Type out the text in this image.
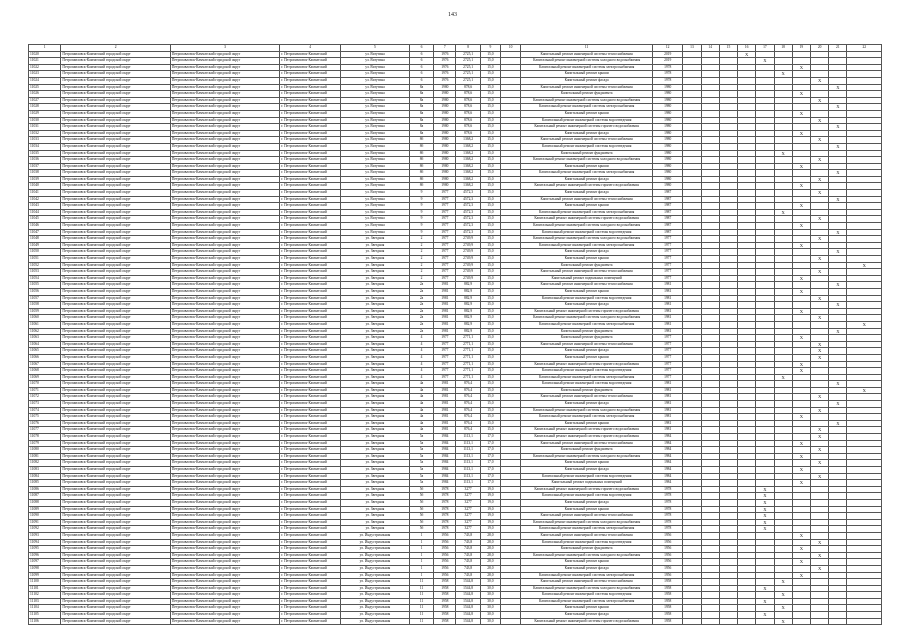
143
1	2	3	4	5	6	7	8	9	10	11	12	13	14	15	16	17	18	19	20	21	22
11020	Петропавловск-Камчатский городской округ	Петропавловск-Камчатский городской округ	г. Петропавловск-Камчатский	ул. Ватутина	6	1976	2725,1	15,0		Капитальный ремонт инженерной системы теплоснабжения	2019				X						
11021	Петропавловск-Камчатский городской округ	Петропавловск-Камчатский городской округ	г. Петропавловск-Камчатский	ул. Ватутина	6	1976	2725,1	15,0		Капитальный ремонт инженерной системы холодного водоснабжения	2019					X					
11022	Петропавловск-Камчатский городской округ	Петропавловск-Камчатский городской округ	г. Петропавловск-Камчатский	ул. Ватутина	6	1976	2725,1	15,0		Капитальный ремонт инженерной системы электроснабжения	1978							X			
11023	Петропавловск-Камчатский городской округ	Петропавловск-Камчатский городской округ	г. Петропавловск-Камчатский	ул. Ватутина	6	1976	2725,1	15,0		Капитальный ремонт крыши	1978						X				
11024	Петропавловск-Камчатский городской округ	Петропавловск-Камчатский городской округ	г. Петропавловск-Камчатский	ул. Ватутина	6	1976	2725,1	15,0		Капитальный ремонт фасада	1978								X		
11025	Петропавловск-Камчатский городской округ	Петропавловск-Камчатский городской округ	г. Петропавловск-Камчатский	ул. Ватутина	8а	1980	878,6	15,0		Капитальный ремонт инженерной системы теплоснабжения	1980									X	
11026	Петропавловск-Камчатский городской округ	Петропавловск-Камчатский городской округ	г. Петропавловск-Камчатский	ул. Ватутина	8а	1980	878,6	15,0		Капитальный ремонт фундамента	1980							X			
11027	Петропавловск-Камчатский городской округ	Петропавловск-Камчатский городской округ	г. Петропавловск-Камчатский	ул. Ватутина	8а	1980	878,6	15,0		Капитальный ремонт инженерной системы холодного водоснабжения	1980								X		
11028	Петропавловск-Камчатский городской округ	Петропавловск-Камчатский городской округ	г. Петропавловск-Камчатский	ул. Ватутина	8а	1980	878,6	15,0		Капитальный ремонт инженерной системы электроснабжения	1980									X	
11029	Петропавловск-Камчатский городской округ	Петропавловск-Камчатский городской округ	г. Петропавловск-Камчатский	ул. Ватутина	8а	1980	878,6	15,0		Капитальный ремонт крыши	1980							X			
11030	Петропавловск-Камчатский городской округ	Петропавловск-Камчатский городской округ	г. Петропавловск-Камчатский	ул. Ватутина	8а	1980	878,6	15,0		Капитальный ремонт инженерной системы водоотведения	1980								X		
11031	Петропавловск-Камчатский городской округ	Петропавловск-Камчатский городской округ	г. Петропавловск-Камчатский	ул. Ватутина	8а	1980	878,6	15,0		Капитальный ремонт инженерной системы горячего водоснабжения	1980									X	
11032	Петропавловск-Камчатский городской округ	Петропавловск-Камчатский городской округ	г. Петропавловск-Камчатский	ул. Ватутина	8а	1980	878,6	15,0		Капитальный ремонт фасада	1980							X			
11033	Петропавловск-Камчатский городской округ	Петропавловск-Камчатский городской округ	г. Петропавловск-Камчатский	ул. Ватутина	8б	1980	1368,2	15,0		Капитальный ремонт инженерной системы теплоснабжения	1980								X		
11034	Петропавловск-Камчатский городской округ	Петропавловск-Камчатский городской округ	г. Петропавловск-Камчатский	ул. Ватутина	8б	1980	1368,2	15,0		Капитальный ремонт инженерной системы водоотведения	1980									X	
11035	Петропавловск-Камчатский городской округ	Петропавловск-Камчатский городской округ	г. Петропавловск-Камчатский	ул. Ватутина	8б	1980	1368,2	15,0		Капитальный ремонт фундамента	1980						X				
11036	Петропавловск-Камчатский городской округ	Петропавловск-Камчатский городской округ	г. Петропавловск-Камчатский	ул. Ватутина	8б	1980	1368,2	15,0		Капитальный ремонт инженерной системы холодного водоснабжения	1980								X		
11037	Петропавловск-Камчатский городской округ	Петропавловск-Камчатский городской округ	г. Петропавловск-Камчатский	ул. Ватутина	8б	1980	1368,2	15,0		Капитальный ремонт крыши	1980							X			
11038	Петропавловск-Камчатский городской округ	Петропавловск-Камчатский городской округ	г. Петропавловск-Камчатский	ул. Ватутина	8б	1980	1368,2	15,0		Капитальный ремонт инженерной системы электроснабжения	1980									X	
11039	Петропавловск-Камчатский городской округ	Петропавловск-Камчатский городской округ	г. Петропавловск-Камчатский	ул. Ватутина	8б	1980	1368,2	15,0		Капитальный ремонт фасада	1980								X		
11040	Петропавловск-Камчатский городской округ	Петропавловск-Камчатский городской округ	г. Петропавловск-Камчатский	ул. Ватутина	8б	1980	1368,2	15,0		Капитальный ремонт инженерной системы горячего водоснабжения	1980							X			
11041	Петропавловск-Камчатский городской округ	Петропавловск-Камчатский городской округ	г. Петропавловск-Камчатский	ул. Ватутина	9	1977	4572,3	15,0		Капитальный ремонт фасада	1987								X		
11042	Петропавловск-Камчатский городской округ	Петропавловск-Камчатский городской округ	г. Петропавловск-Камчатский	ул. Ватутина	9	1977	4572,3	15,0		Капитальный ремонт инженерной системы теплоснабжения	1987									X	
11043	Петропавловск-Камчатский городской округ	Петропавловск-Камчатский городской округ	г. Петропавловск-Камчатский	ул. Ватутина	9	1977	4572,3	15,0		Капитальный ремонт крыши	1987							X			
11044	Петропавловск-Камчатский городской округ	Петропавловск-Камчатский городской округ	г. Петропавловск-Камчатский	ул. Ватутина	9	1977	4572,3	15,0		Капитальный ремонт инженерной системы электроснабжения	1987						X				
11045	Петропавловск-Камчатский городской округ	Петропавловск-Камчатский городской округ	г. Петропавловск-Камчатский	ул. Ватутина	9	1977	4572,3	15,0		Капитальный ремонт инженерной системы горячего водоснабжения	1987								X		
11046	Петропавловск-Камчатский городской округ	Петропавловск-Камчатский городской округ	г. Петропавловск-Камчатский	ул. Ватутина	9	1977	4572,3	15,0		Капитальный ремонт инженерной системы холодного водоснабжения	1987							X			
11047	Петропавловск-Камчатский городской округ	Петропавловск-Камчатский городской округ	г. Петропавловск-Камчатский	ул. Ватутина	9	1977	4572,3	15,0		Капитальный ремонт инженерной системы водоотведения	1987									X	
11048	Петропавловск-Камчатский городской округ	Петропавловск-Камчатский городской округ	г. Петропавловск-Камчатский	ул. Звездная	2	1977	2749,9	15,0		Капитальный ремонт инженерной системы холодного водоснабжения	1977								X		
11049	Петропавловск-Камчатский городской округ	Петропавловск-Камчатский городской округ	г. Петропавловск-Камчатский	ул. Звездная	2	1977	2749,9	15,0		Капитальный ремонт инженерной системы электроснабжения	1977							X			
11050	Петропавловск-Камчатский городской округ	Петропавловск-Камчатский городской округ	г. Петропавловск-Камчатский	ул. Звездная	2	1977	2749,9	15,0		Капитальный ремонт фасада	1977									X	
11051	Петропавловск-Камчатский городской округ	Петропавловск-Камчатский городской округ	г. Петропавловск-Камчатский	ул. Звездная	2	1977	2749,9	15,0		Капитальный ремонт крыши	1977								X		
11052	Петропавловск-Камчатский городской округ	Петропавловск-Камчатский городской округ	г. Петропавловск-Камчатский	ул. Звездная	2	1977	2749,9	15,0		Капитальный ремонт фундамента	1977										X
11053	Петропавловск-Камчатский городской округ	Петропавловск-Камчатский городской округ	г. Петропавловск-Камчатский	ул. Звездная	2	1977	2749,9	15,0		Капитальный ремонт инженерной системы теплоснабжения	1977								X		
11054	Петропавловск-Камчатский городской округ	Петропавловск-Камчатский городской округ	г. Петропавловск-Камчатский	ул. Звездная	2	1977	2749,9	15,0		Капитальный ремонт подвальных помещений	1977							X			
11055	Петропавловск-Камчатский городской округ	Петропавловск-Камчатский городской округ	г. Петропавловск-Камчатский	ул. Звездная	2а	1981	882,9	15,0		Капитальный ремонт инженерной системы теплоснабжения	1981									X	
11056	Петропавловск-Камчатский городской округ	Петропавловск-Камчатский городской округ	г. Петропавловск-Камчатский	ул. Звездная	2а	1981	882,9	15,0		Капитальный ремонт крыши	1981							X			
11057	Петропавловск-Камчатский городской округ	Петропавловск-Камчатский городской округ	г. Петропавловск-Камчатский	ул. Звездная	2а	1981	882,9	15,0		Капитальный ремонт инженерной системы водоотведения	1981								X		
11058	Петропавловск-Камчатский городской округ	Петропавловск-Камчатский городской округ	г. Петропавловск-Камчатский	ул. Звездная	2а	1981	882,9	15,0		Капитальный ремонт фасада	1981									X	
11059	Петропавловск-Камчатский городской округ	Петропавловск-Камчатский городской округ	г. Петропавловск-Камчатский	ул. Звездная	2а	1981	882,9	15,0		Капитальный ремонт инженерной системы горячего водоснабжения	1981							X			
11060	Петропавловск-Камчатский городской округ	Петропавловск-Камчатский городской округ	г. Петропавловск-Камчатский	ул. Звездная	2а	1981	882,9	15,0		Капитальный ремонт инженерной системы холодного водоснабжения	1981								X		
11061	Петропавловск-Камчатский городской округ	Петропавловск-Камчатский городской округ	г. Петропавловск-Камчатский	ул. Звездная	2а	1981	882,9	15,0		Капитальный ремонт инженерной системы электроснабжения	1981										X
11062	Петропавловск-Камчатский городской округ	Петропавловск-Камчатский городской округ	г. Петропавловск-Камчатский	ул. Звездная	2а	1981	882,9	15,0		Капитальный ремонт фундамента	1981									X	
11063	Петропавловск-Камчатский городской округ	Петропавловск-Камчатский городской округ	г. Петропавловск-Камчатский	ул. Звездная	4	1977	2771,1	15,0		Капитальный ремонт фундамента	1977							X			
11064	Петропавловск-Камчатский городской округ	Петропавловск-Камчатский городской округ	г. Петропавловск-Камчатский	ул. Звездная	4	1977	2771,1	15,0		Капитальный ремонт инженерной системы теплоснабжения	1977								X		
11065	Петропавловск-Камчатский городской округ	Петропавловск-Камчатский городской округ	г. Петропавловск-Камчатский	ул. Звездная	4	1977	2771,1	15,0		Капитальный ремонт фасада	1977								X		
11066	Петропавловск-Камчатский городской округ	Петропавловск-Камчатский городской округ	г. Петропавловск-Камчатский	ул. Звездная	4	1977	2771,1	15,0		Капитальный ремонт крыши	1977								X		
11067	Петропавловск-Камчатский городской округ	Петропавловск-Камчатский городской округ	г. Петропавловск-Камчатский	ул. Звездная	4	1977	2771,1	15,0		Капитальный ремонт инженерной системы горячего водоснабжения	1977							X			
11068	Петропавловск-Камчатский городской округ	Петропавловск-Камчатский городской округ	г. Петропавловск-Камчатский	ул. Звездная	4	1977	2771,1	15,0		Капитальный ремонт инженерной системы водоотведения	1977							X			
11069	Петропавловск-Камчатский городской округ	Петропавловск-Камчатский городской округ	г. Петропавловск-Камчатский	ул. Звездная	4	1977	2771,1	15,0		Капитальный ремонт инженерной системы электроснабжения	1977						X				
11070	Петропавловск-Камчатский городской округ	Петропавловск-Камчатский городской округ	г. Петропавловск-Камчатский	ул. Звездная	4а	1981	876,4	15,0		Капитальный ремонт инженерной системы водоотведения	1981									X	
11071	Петропавловск-Камчатский городской округ	Петропавловск-Камчатский городской округ	г. Петропавловск-Камчатский	ул. Звездная	4а	1981	876,4	15,0		Капитальный ремонт фундамента	1981										X
11072	Петропавловск-Камчатский городской округ	Петропавловск-Камчатский городской округ	г. Петропавловск-Камчатский	ул. Звездная	4а	1981	876,4	15,0		Капитальный ремонт инженерной системы теплоснабжения	1981								X		
11073	Петропавловск-Камчатский городской округ	Петропавловск-Камчатский городской округ	г. Петропавловск-Камчатский	ул. Звездная	4а	1981	876,4	15,0		Капитальный ремонт фасада	1981									X	
11074	Петропавловск-Камчатский городской округ	Петропавловск-Камчатский городской округ	г. Петропавловск-Камчатский	ул. Звездная	4а	1981	876,4	15,0		Капитальный ремонт инженерной системы холодного водоснабжения	1981								X		
11075	Петропавловск-Камчатский городской округ	Петропавловск-Камчатский городской округ	г. Петропавловск-Камчатский	ул. Звездная	4а	1981	876,4	15,0		Капитальный ремонт инженерной системы электроснабжения	1981							X			
11076	Петропавловск-Камчатский городской округ	Петропавловск-Камчатский городской округ	г. Петропавловск-Камчатский	ул. Звездная	4а	1981	876,4	15,0		Капитальный ремонт крыши	1981									X	
11077	Петропавловск-Камчатский городской округ	Петропавловск-Камчатский городской округ	г. Петропавловск-Камчатский	ул. Звездная	4а	1981	876,4	15,0		Капитальный ремонт инженерной системы горячего водоснабжения	1981								X		
11078	Петропавловск-Камчатский городской округ	Петропавловск-Камчатский городской округ	г. Петропавловск-Камчатский	ул. Звездная	5а	1984	1113,1	17,0		Капитальный ремонт инженерной системы горячего водоснабжения	1984								X		
11079	Петропавловск-Камчатский городской округ	Петропавловск-Камчатский городской округ	г. Петропавловск-Камчатский	ул. Звездная	5а	1984	1113,1	17,0		Капитальный ремонт инженерной системы теплоснабжения	1984							X			
11080	Петропавловск-Камчатский городской округ	Петропавловск-Камчатский городской округ	г. Петропавловск-Камчатский	ул. Звездная	5а	1984	1113,1	17,0		Капитальный ремонт фундамента	1984								X		
11081	Петропавловск-Камчатский городской округ	Петропавловск-Камчатский городской округ	г. Петропавловск-Камчатский	ул. Звездная	5а	1984	1113,1	17,0		Капитальный ремонт инженерной системы холодного водоснабжения	1984							X			
11082	Петропавловск-Камчатский городской округ	Петропавловск-Камчатский городской округ	г. Петропавловск-Камчатский	ул. Звездная	5а	1984	1113,1	17,0		Капитальный ремонт крыши	1984								X		
11083	Петропавловск-Камчатский городской округ	Петропавловск-Камчатский городской округ	г. Петропавловск-Камчатский	ул. Звездная	5а	1984	1113,1	17,0		Капитальный ремонт фасада	1984							X			
11084	Петропавловск-Камчатский городской округ	Петропавловск-Камчатский городской округ	г. Петропавловск-Камчатский	ул. Звездная	5а	1984	1113,1	17,0		Капитальный ремонт инженерной системы водоотведения	1984								X		
11085	Петропавловск-Камчатский городской округ	Петропавловск-Камчатский городской округ	г. Петропавловск-Камчатский	ул. Звездная	5а	1984	1113,1	17,0		Капитальный ремонт подвальных помещений	1984							X			
11086	Петропавловск-Камчатский городской округ	Петропавловск-Камчатский городской округ	г. Петропавловск-Камчатский	ул. Звездная	5б	1978	3277	19,0		Капитальный ремонт инженерной системы горячего водоснабжения	1978					X					
11087	Петропавловск-Камчатский городской округ	Петропавловск-Камчатский городской округ	г. Петропавловск-Камчатский	ул. Звездная	5б	1978	3277	19,0		Капитальный ремонт инженерной системы водоотведения	1978					X					
11088	Петропавловск-Камчатский городской округ	Петропавловск-Камчатский городской округ	г. Петропавловск-Камчатский	ул. Звездная	5б	1978	3277	19,0		Капитальный ремонт фасада	1978					X					
11089	Петропавловск-Камчатский городской округ	Петропавловск-Камчатский городской округ	г. Петропавловск-Камчатский	ул. Звездная	5б	1978	3277	19,0		Капитальный ремонт крыши	1978					X					
11090	Петропавловск-Камчатский городской округ	Петропавловск-Камчатский городской округ	г. Петропавловск-Камчатский	ул. Звездная	5б	1978	3277	19,0		Капитальный ремонт инженерной системы теплоснабжения	1978					X					
11091	Петропавловск-Камчатский городской округ	Петропавловск-Камчатский городской округ	г. Петропавловск-Камчатский	ул. Звездная	5б	1978	3277	19,0		Капитальный ремонт инженерной системы холодного водоснабжения	1978					X					
11092	Петропавловск-Камчатский городской округ	Петропавловск-Камчатский городской округ	г. Петропавловск-Камчатский	ул. Звездная	5б	1978	3277	19,0		Капитальный ремонт инженерной системы электроснабжения	1978					X					
11093	Петропавловск-Камчатский городской округ	Петропавловск-Камчатский городской округ	г. Петропавловск-Камчатский	ул. Индустриальная	1	1956	743,8	28,0		Капитальный ремонт инженерной системы теплоснабжения	1956							X			
11094	Петропавловск-Камчатский городской округ	Петропавловск-Камчатский городской округ	г. Петропавловск-Камчатский	ул. Индустриальная	1	1956	743,8	28,0		Капитальный ремонт инженерной системы водоотведения	1956								X		
11095	Петропавловск-Камчатский городской округ	Петропавловск-Камчатский городской округ	г. Петропавловск-Камчатский	ул. Индустриальная	1	1956	743,8	28,0		Капитальный ремонт фундамента	1956							X			
11096	Петропавловск-Камчатский городской округ	Петропавловск-Камчатский городской округ	г. Петропавловск-Камчатский	ул. Индустриальная	1	1956	743,8	28,0		Капитальный ремонт инженерной системы холодного водоснабжения	1956								X		
11097	Петропавловск-Камчатский городской округ	Петропавловск-Камчатский городской округ	г. Петропавловск-Камчатский	ул. Индустриальная	1	1956	743,8	28,0		Капитальный ремонт крыши	1956							X			
11098	Петропавловск-Камчатский городской округ	Петропавловск-Камчатский городской округ	г. Петропавловск-Камчатский	ул. Индустриальная	1	1956	743,8	28,0		Капитальный ремонт фасада	1956								X		
11099	Петропавловск-Камчатский городской округ	Петропавловск-Камчатский городской округ	г. Петропавловск-Камчатский	ул. Индустриальная	1	1956	743,8	28,0		Капитальный ремонт инженерной системы электроснабжения	1956							X			
11100	Петропавловск-Камчатский городской округ	Петропавловск-Камчатский городской округ	г. Петропавловск-Камчатский	ул. Индустриальная	11	1958	1544,8	30,0		Капитальный ремонт инженерной системы теплоснабжения	1958						X				
11101	Петропавловск-Камчатский городской округ	Петропавловск-Камчатский городской округ	г. Петропавловск-Камчатский	ул. Индустриальная	11	1958	1544,8	30,0		Капитальный ремонт инженерной системы холодного водоснабжения	1958					X					
11102	Петропавловск-Камчатский городской округ	Петропавловск-Камчатский городской округ	г. Петропавловск-Камчатский	ул. Индустриальная	11	1958	1544,8	30,0		Капитальный ремонт инженерной системы водоотведения	1958						X				
11103	Петропавловск-Камчатский городской округ	Петропавловск-Камчатский городской округ	г. Петропавловск-Камчатский	ул. Индустриальная	11	1958	1544,8	30,0		Капитальный ремонт инженерной системы электроснабжения	1958					X					
11104	Петропавловск-Камчатский городской округ	Петропавловск-Камчатский городской округ	г. Петропавловск-Камчатский	ул. Индустриальная	11	1958	1544,8	30,0		Капитальный ремонт крыши	1958						X				
11105	Петропавловск-Камчатский городской округ	Петропавловск-Камчатский городской округ	г. Петропавловск-Камчатский	ул. Индустриальная	11	1958	1544,8	30,0		Капитальный ремонт фасада	1958					X					
11106	Петропавловск-Камчатский городской округ	Петропавловск-Камчатский городской округ	г. Петропавловск-Камчатский	ул. Индустриальная	11	1958	1544,8	30,0		Капитальный ремонт инженерной системы горячего водоснабжения	1958						X				
